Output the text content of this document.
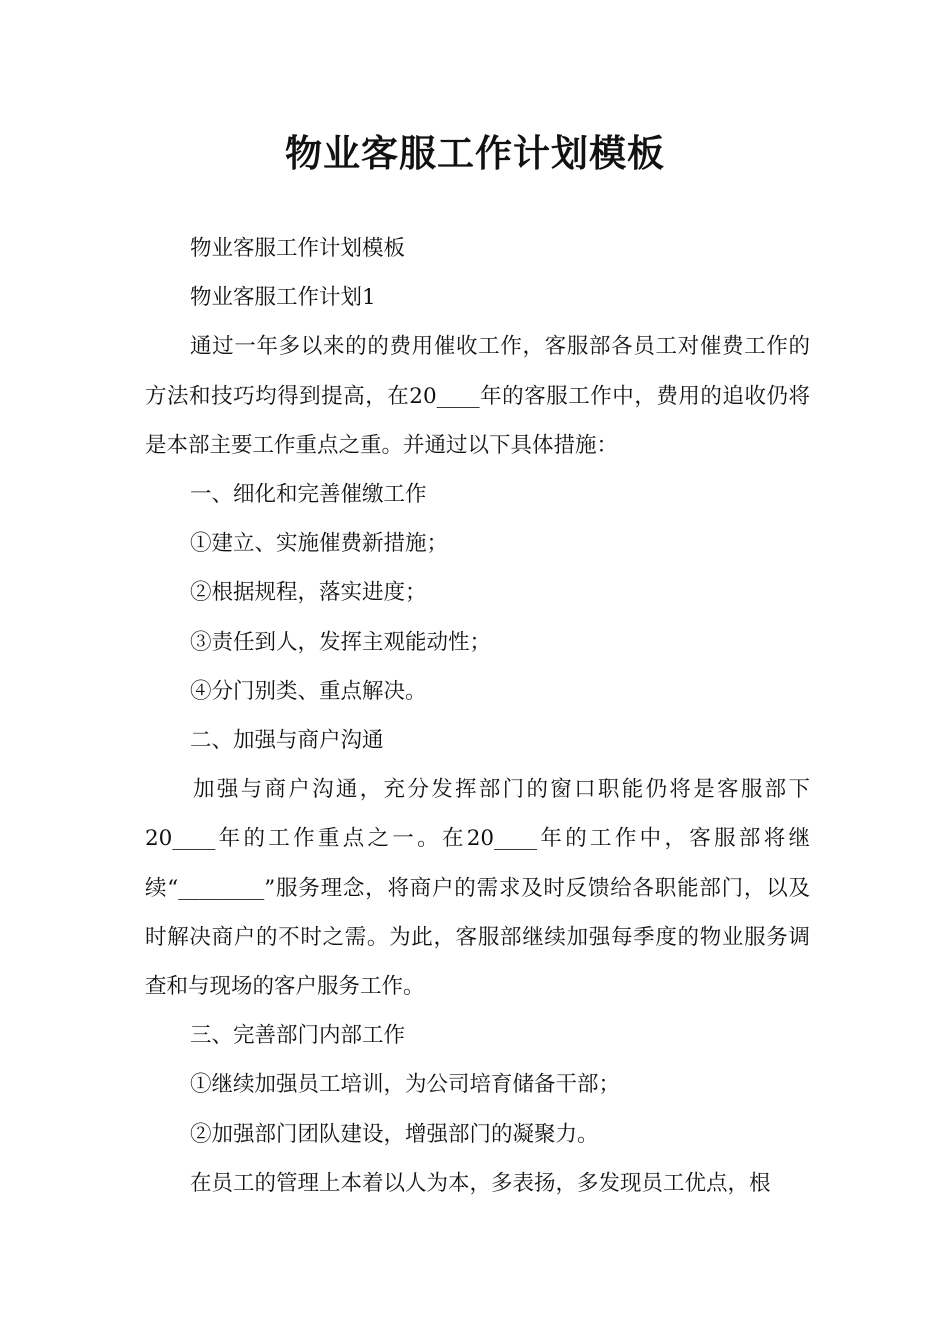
物业客服工作计划模板

物业客服工作计划模板

物业客服工作计划1

通过一年多以来的的费用催收工作，客服部各员工对催费工作的方法和技巧均得到提高，在20____年的客服工作中，费用的追收仍将是本部主要工作重点之重。并通过以下具体措施：

一、细化和完善催缴工作

①建立、实施催费新措施；

②根据规程，落实进度；

③责任到人，发挥主观能动性；

④分门别类、重点解决。

二、加强与商户沟通

加强与商户沟通，充分发挥部门的窗口职能仍将是客服部下20____年的工作重点之一。在20____年的工作中，客服部将继续“________”服务理念，将商户的需求及时反馈给各职能部门，以及时解决商户的不时之需。为此，客服部继续加强每季度的物业服务调查和与现场的客户服务工作。

三、完善部门内部工作

①继续加强员工培训，为公司培育储备干部；

②加强部门团队建设，增强部门的凝聚力。

在员工的管理上本着以人为本，多表扬，多发现员工优点，根
